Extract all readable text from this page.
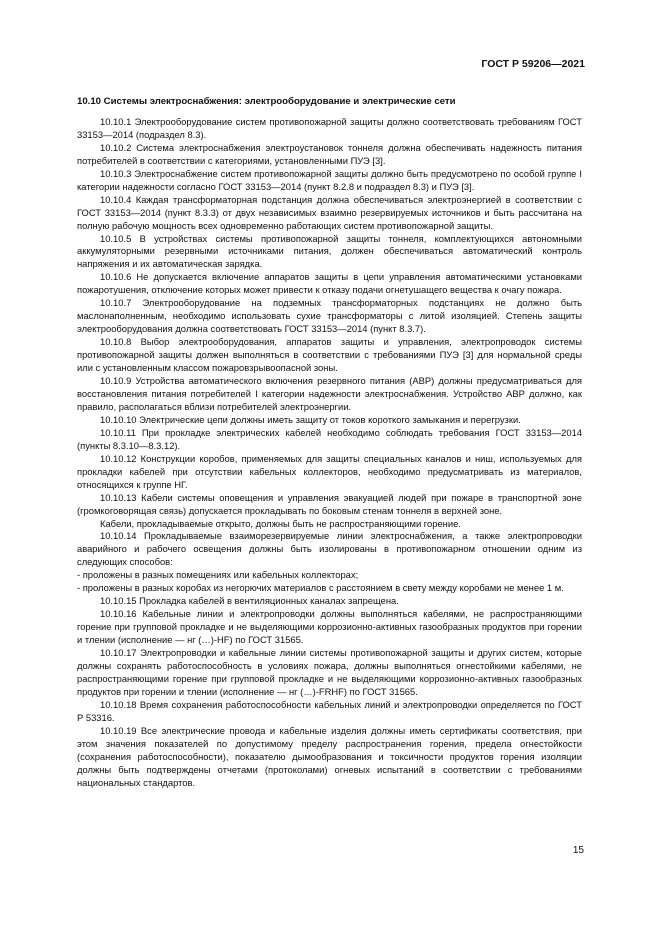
ГОСТ Р 59206—2021
10.10 Системы электроснабжения: электрооборудование и электрические сети

10.10.1 Электрооборудование систем противопожарной защиты должно соответствовать требованиям ГОСТ 33153—2014 (подраздел 8.3).

10.10.2 Система электроснабжения электроустановок тоннеля должна обеспечивать надежность питания потребителей в соответствии с категориями, установленными ПУЭ [3].

10.10.3 Электроснабжение систем противопожарной защиты должно быть предусмотрено по особой группе I категории надежности согласно ГОСТ 33153—2014 (пункт 8.2.8 и подраздел 8.3) и ПУЭ [3].

10.10.4 Каждая трансформаторная подстанция должна обеспечиваться электроэнергией в соответствии с ГОСТ 33153—2014 (пункт 8.3.3) от двух независимых взаимно резервируемых источников и быть рассчитана на полную рабочую мощность всех одновременно работающих систем противопожарной защиты.

10.10.5 В устройствах системы противопожарной защиты тоннеля, комплектующихся автономными аккумуляторными резервными источниками питания, должен обеспечиваться автоматический контроль напряжения и их автоматическая зарядка.

10.10.6 Не допускается включение аппаратов защиты в цепи управления автоматическими установками пожаротушения, отключение которых может привести к отказу подачи огнетушащего вещества к очагу пожара.

10.10.7 Электрооборудование на подземных трансформаторных подстанциях не должно быть маслонаполненным, необходимо использовать сухие трансформаторы с литой изоляцией. Степень защиты электрооборудования должна соответствовать ГОСТ 33153—2014 (пункт 8.3.7).

10.10.8 Выбор электрооборудования, аппаратов защиты и управления, электропроводок системы противопожарной защиты должен выполняться в соответствии с требованиями ПУЭ [3] для нормальной среды или с установленным классом пожаровзрывоопасной зоны.

10.10.9 Устройства автоматического включения резервного питания (АВР) должны предусматриваться для восстановления питания потребителей I категории надежности электроснабжения. Устройство АВР должно, как правило, располагаться вблизи потребителей электроэнергии.

10.10.10 Электрические цепи должны иметь защиту от токов короткого замыкания и перегрузки.

10.10.11 При прокладке электрических кабелей необходимо соблюдать требования ГОСТ 33153—2014 (пункты 8.3.10—8.3.12).

10.10.12 Конструкции коробов, применяемых для защиты специальных каналов и ниш, используемых для прокладки кабелей при отсутствии кабельных коллекторов, необходимо предусматривать из материалов, относящихся к группе НГ.

10.10.13 Кабели системы оповещения и управления эвакуацией людей при пожаре в транспортной зоне (громкоговорящая связь) допускается прокладывать по боковым стенам тоннеля в верхней зоне.

Кабели, прокладываемые открыто, должны быть не распространяющими горение.

10.10.14 Прокладываемые взаиморезервируемые линии электроснабжения, а также электропроводки аварийного и рабочего освещения должны быть изолированы в противопожарном отношении одним из следующих способов:

- проложены в разных помещениях или кабельных коллекторах;

- проложены в разных коробах из негорючих материалов с расстоянием в свету между коробами не менее 1 м.

10.10.15 Прокладка кабелей в вентиляционных каналах запрещена.

10.10.16 Кабельные линии и электропроводки должны выполняться кабелями, не распространяющими горение при групповой прокладке и не выделяющими коррозионно-активных газообразных продуктов при горении и тлении (исполнение — нг (…)-HF) по ГОСТ 31565.

10.10.17 Электропроводки и кабельные линии системы противопожарной защиты и других систем, которые должны сохранять работоспособность в условиях пожара, должны выполняться огнестойкими кабелями, не распространяющими горение при групповой прокладке и не выделяющими коррозионно-активных газообразных продуктов при горении и тлении (исполнение — нг (…)-FRHF) по ГОСТ 31565.

10.10.18 Время сохранения работоспособности кабельных линий и электропроводки определяется по ГОСТ Р 53316.

10.10.19 Все электрические провода и кабельные изделия должны иметь сертификаты соответствия, при этом значения показателей по допустимому пределу распространения горения, предела огнестойкости (сохранения работоспособности), показателю дымообразования и токсичности продуктов горения изоляции должны быть подтверждены отчетами (протоколами) огневых испытаний в соответствии с требованиями национальных стандартов.

15
